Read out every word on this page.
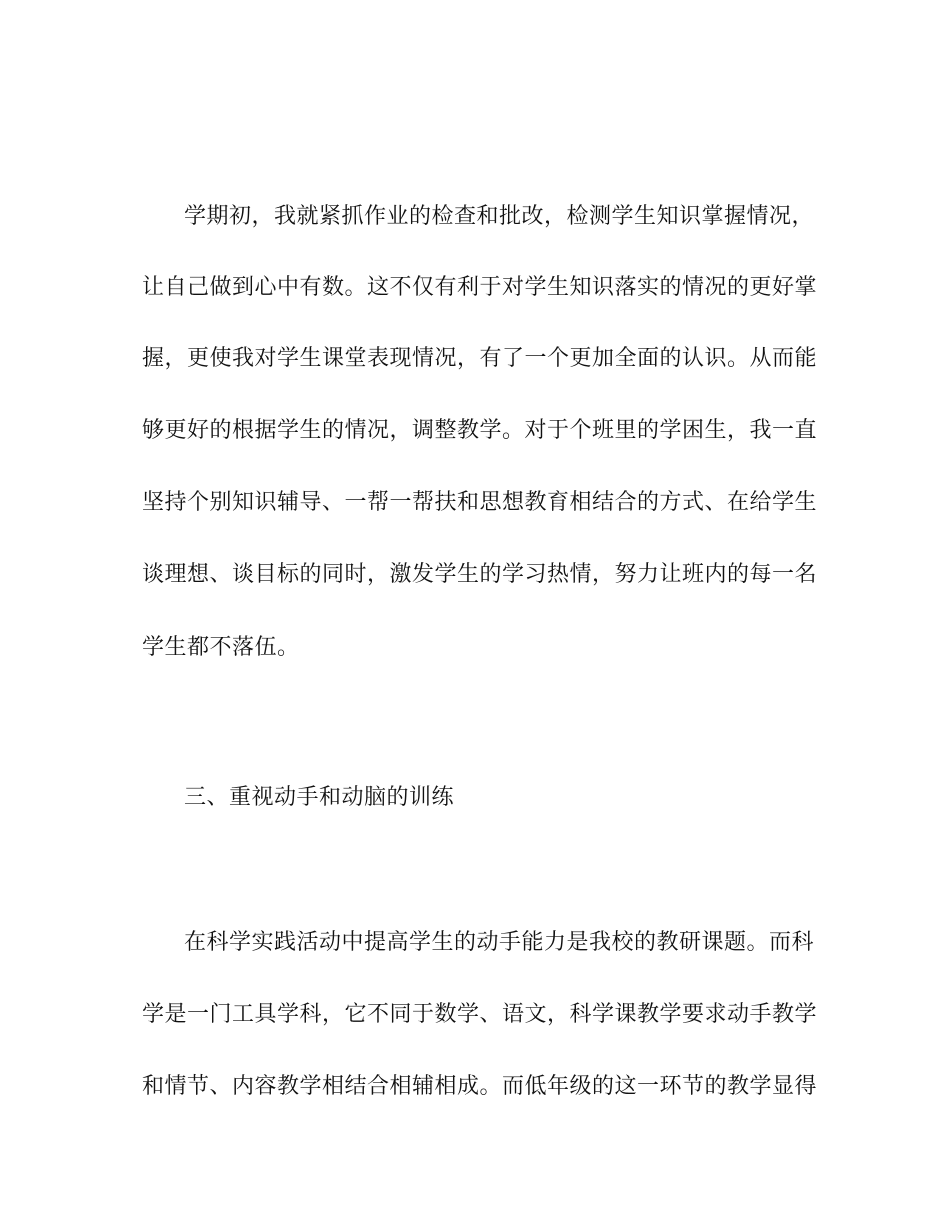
学期初，我就紧抓作业的检查和批改，检测学生知识掌握情况，
让自己做到心中有数。这不仅有利于对学生知识落实的情况的更好掌
握，更使我对学生课堂表现情况，有了一个更加全面的认识。从而能
够更好的根据学生的情况，调整教学。对于个班里的学困生，我一直
坚持个别知识辅导、一帮一帮扶和思想教育相结合的方式、在给学生
谈理想、谈目标的同时，激发学生的学习热情，努力让班内的每一名
学生都不落伍。
三、重视动手和动脑的训练
在科学实践活动中提高学生的动手能力是我校的教研课题。而科
学是一门工具学科，它不同于数学、语文，科学课教学要求动手教学
和情节、内容教学相结合相辅相成。而低年级的这一环节的教学显得
